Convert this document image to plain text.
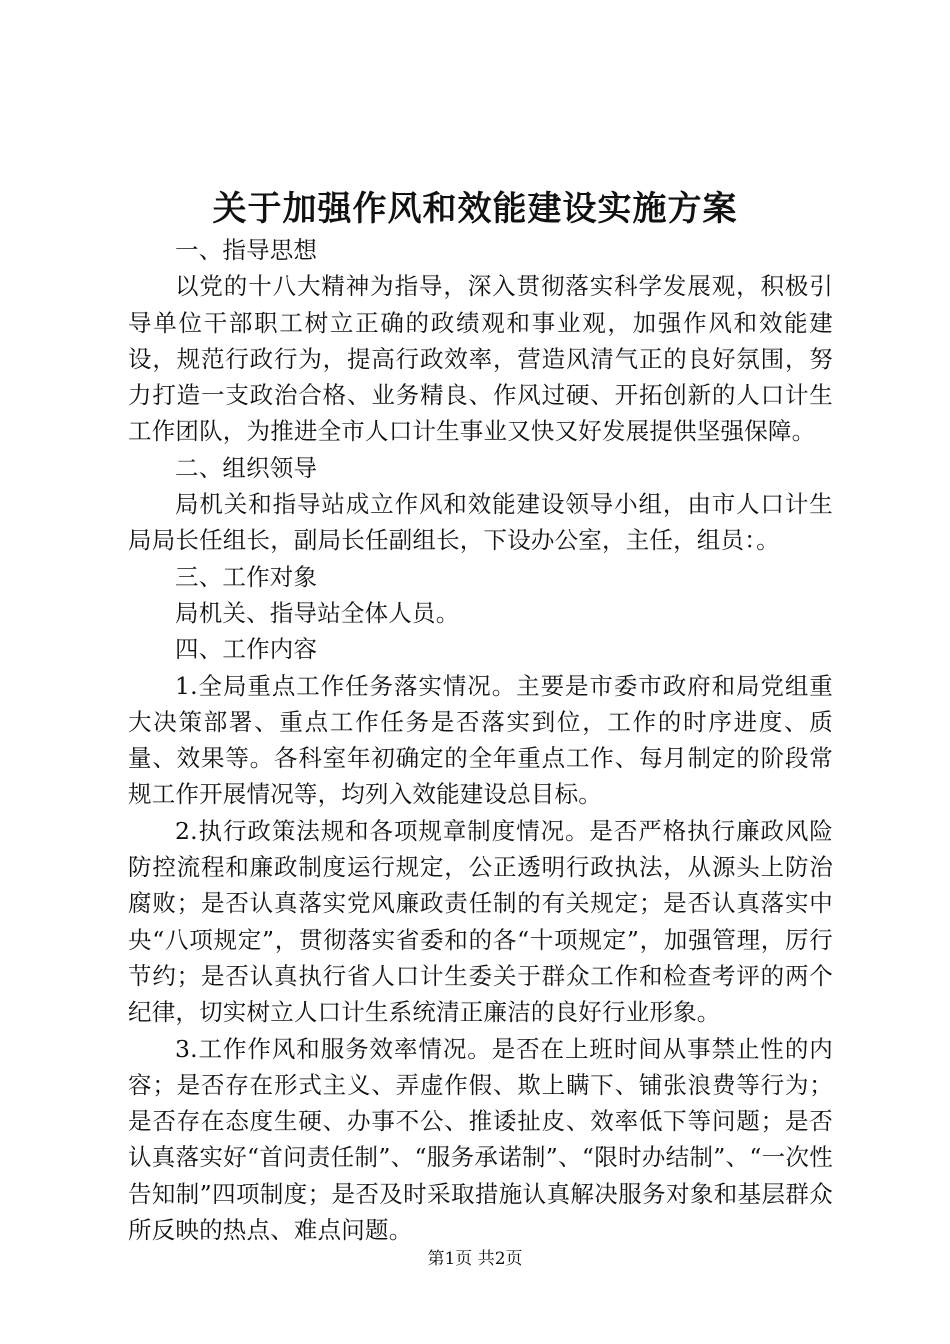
关于加强作风和效能建设实施方案

一、指导思想

以党的十八大精神为指导，深入贯彻落实科学发展观，积极引导单位干部职工树立正确的政绩观和事业观，加强作风和效能建设，规范行政行为，提高行政效率，营造风清气正的良好氛围，努力打造一支政治合格、业务精良、作风过硬、开拓创新的人口计生工作团队，为推进全市人口计生事业又快又好发展提供坚强保障。

二、组织领导

局机关和指导站成立作风和效能建设领导小组，由市人口计生局局长任组长，副局长任副组长，下设办公室，主任，组员：。

三、工作对象

局机关、指导站全体人员。

四、工作内容

1.全局重点工作任务落实情况。主要是市委市政府和局党组重大决策部署、重点工作任务是否落实到位，工作的时序进度、质量、效果等。各科室年初确定的全年重点工作、每月制定的阶段常规工作开展情况等，均列入效能建设总目标。

2.执行政策法规和各项规章制度情况。是否严格执行廉政风险防控流程和廉政制度运行规定，公正透明行政执法，从源头上防治腐败；是否认真落实党风廉政责任制的有关规定；是否认真落实中央“八项规定”，贯彻落实省委和的各“十项规定”，加强管理，厉行节约；是否认真执行省人口计生委关于群众工作和检查考评的两个纪律，切实树立人口计生系统清正廉洁的良好行业形象。

3.工作作风和服务效率情况。是否在上班时间从事禁止性的内容；是否存在形式主义、弄虚作假、欺上瞒下、铺张浪费等行为；是否存在态度生硬、办事不公、推诿扯皮、效率低下等问题；是否认真落实好“首问责任制”、“服务承诺制”、“限时办结制”、“一次性告知制”四项制度；是否及时采取措施认真解决服务对象和基层群众所反映的热点、难点问题。

第1页 共2页
